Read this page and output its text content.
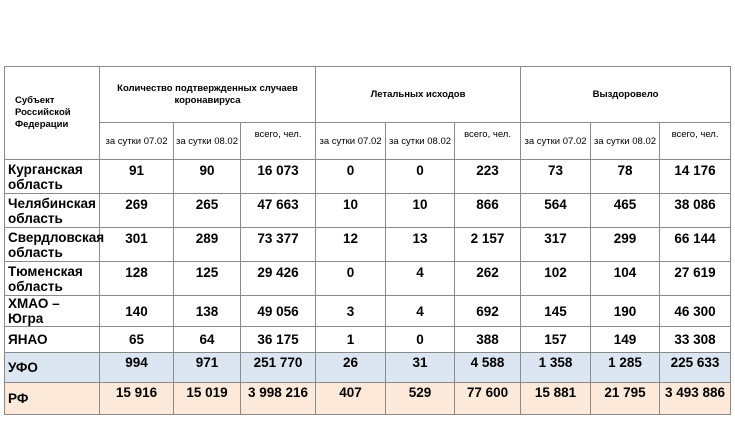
Субъект Российской Федерации	Количество подтвержденных случаев коронавируса			Летальных исходов			Выздоровело		
	за сутки 07.02	за сутки 08.02	всего, чел.	за сутки 07.02	за сутки 08.02	всего, чел.	за сутки 07.02	за сутки 08.02	всего, чел.
Курганская область	91	90	16 073	0	0	223	73	78	14 176
Челябинская область	269	265	47 663	10	10	866	564	465	38 086
Свердловская область	301	289	73 377	12	13	2 157	317	299	66 144
Тюменская область	128	125	29 426	0	4	262	102	104	27 619
ХМАО – Югра	140	138	49 056	3	4	692	145	190	46 300
ЯНАО	65	64	36 175	1	0	388	157	149	33 308
УФО	994	971	251 770	26	31	4 588	1 358	1 285	225 633
РФ	15 916	15 019	3 998 216	407	529	77 600	15 881	21 795	3 493 886
